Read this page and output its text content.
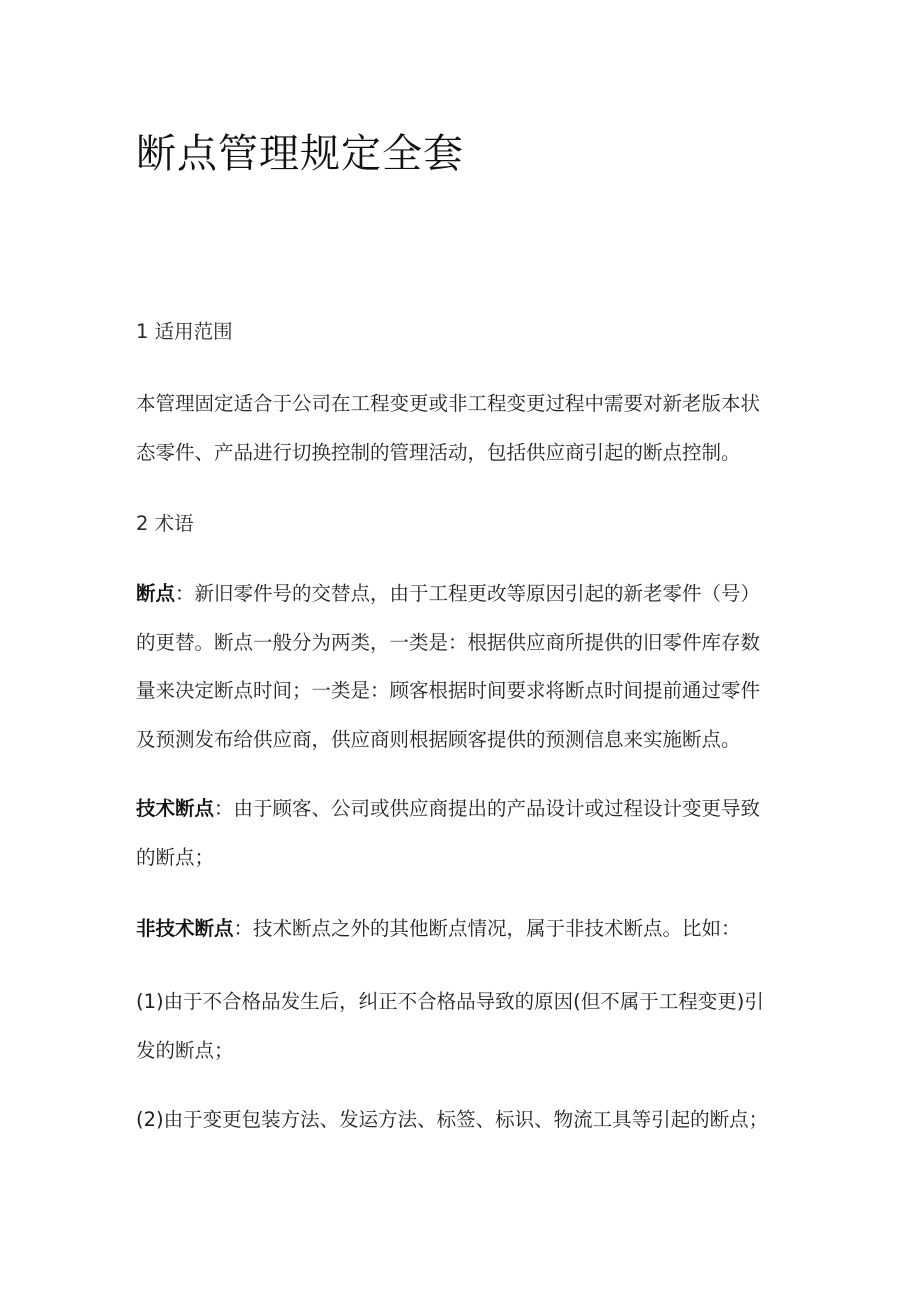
断点管理规定全套

1 适用范围

本管理固定适合于公司在工程变更或非工程变更过程中需要对新老版本状
态零件、产品进行切换控制的管理活动，包括供应商引起的断点控制。

2 术语

断点：新旧零件号的交替点，由于工程更改等原因引起的新老零件（号）
的更替。断点一般分为两类，一类是：根据供应商所提供的旧零件库存数
量来决定断点时间；一类是：顾客根据时间要求将断点时间提前通过零件
及预测发布给供应商，供应商则根据顾客提供的预测信息来实施断点。
技术断点：由于顾客、公司或供应商提出的产品设计或过程设计变更导致
的断点；
非技术断点：技术断点之外的其他断点情况，属于非技术断点。比如：
(1)由于不合格品发生后，纠正不合格品导致的原因(但不属于工程变更)引
发的断点；
(2)由于变更包装方法、发运方法、标签、标识、物流工具等引起的断点；
